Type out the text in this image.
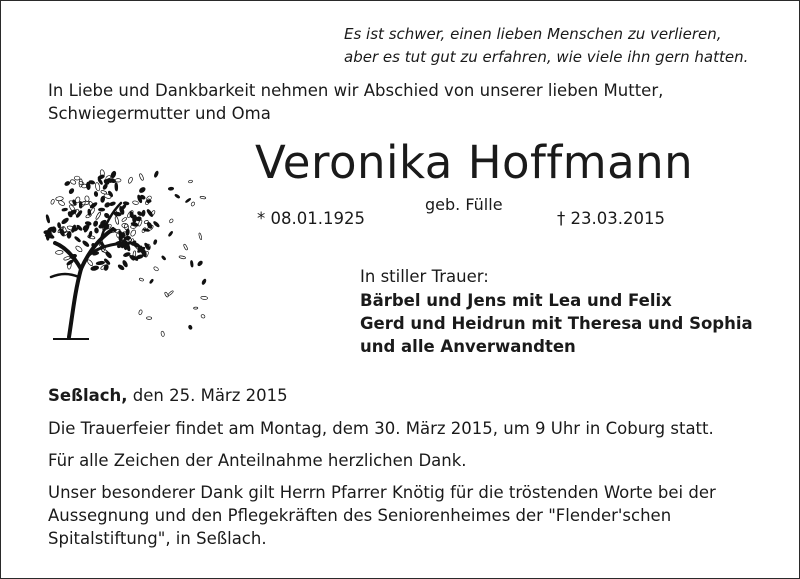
Es ist schwer, einen lieben Menschen zu verlieren,
aber es tut gut zu erfahren, wie viele ihn gern hatten.
In Liebe und Dankbarkeit nehmen wir Abschied von unserer lieben Mutter,
Schwiegermutter und Oma
Veronika Hoffmann
geb. Fülle
* 08.01.1925	† 23.03.2015
In stiller Trauer:
Bärbel und Jens mit Lea und Felix
Gerd und Heidrun mit Theresa und Sophia
und alle Anverwandten
Seßlach, den 25. März 2015
Die Trauerfeier findet am Montag, dem 30. März 2015, um 9 Uhr in Coburg statt.
Für alle Zeichen der Anteilnahme herzlichen Dank.
Unser besonderer Dank gilt Herrn Pfarrer Knötig für die tröstenden Worte bei der
Aussegnung und den Pflegekräften des Seniorenheimes der "Flender'schen
Spitalstiftung", in Seßlach.
